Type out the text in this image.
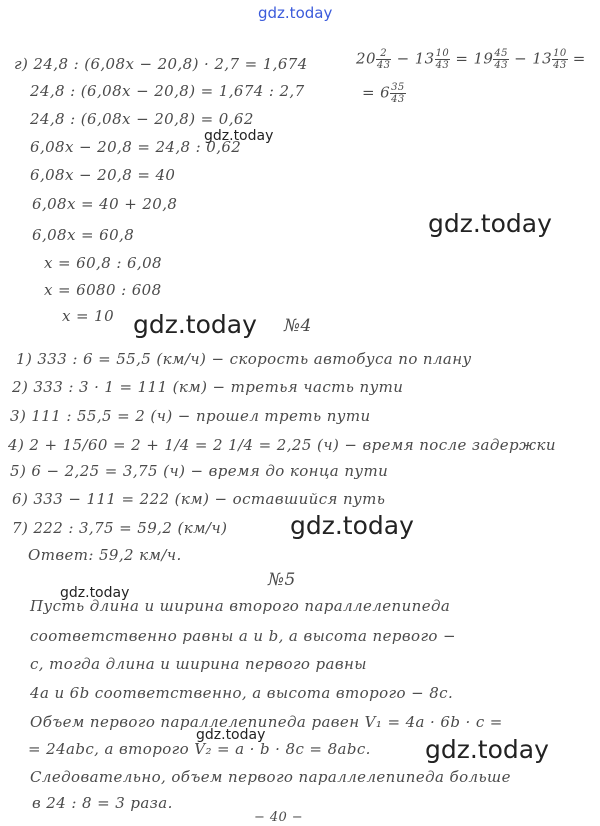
gdz.today
gdz.today
gdz.today
gdz.today №4
gdz.today
gdz.today
gdz.today	gdz.today
г) 24,8 : (6,08x − 20,8) · 2,7 = 1,674
24,8 : (6,08x − 20,8) = 1,674 : 2,7
24,8 : (6,08x − 20,8) = 0,62
6,08x − 20,8 = 24,8 : 0,62
6,08x − 20,8 = 40
6,08x = 40 + 20,8
6,08x = 60,8
x = 60,8 : 6,08
x = 6080 : 608
x = 10
$20 \frac{2}{43} - 13 \frac{10}{43} = 19 \frac{45}{43} - 13 \frac{10}{43}$ =
= $6 \frac{35}{43}$
1) 333 : 6 = 55,5 (км/ч) − скорость автобуса по плану
2) 333 : 3 · 1 = 111 (км) − третья часть пути
3) 111 : 55,5 = 2 (ч) − прошел треть пути
4) 2 + 15/60 = 2 + 1/4 = 2 1/4 = 2,25 (ч) − время после задержки
5) 6 − 2,25 = 3,75 (ч) − время до конца пути
6) 333 − 111 = 222 (км) − оставшийся путь
7) 222 : 3,75 = 59,2 (км/ч)
Ответ: 59,2 км/ч.
№5
Пусть длина и ширина второго параллелепипеда
соответственно равны a и b, а высота первого −
c, тогда длина и ширина первого равны
4a и 6b соответственно, а высота второго − 8c.
Объем первого параллелепипеда равен V₁ = 4a · 6b · c =
= 24abc, а второго V₂ = a · b · 8c = 8abc.
Следовательно, объем первого параллелепипеда больше
в 24 : 8 = 3 раза.
− 40 −
